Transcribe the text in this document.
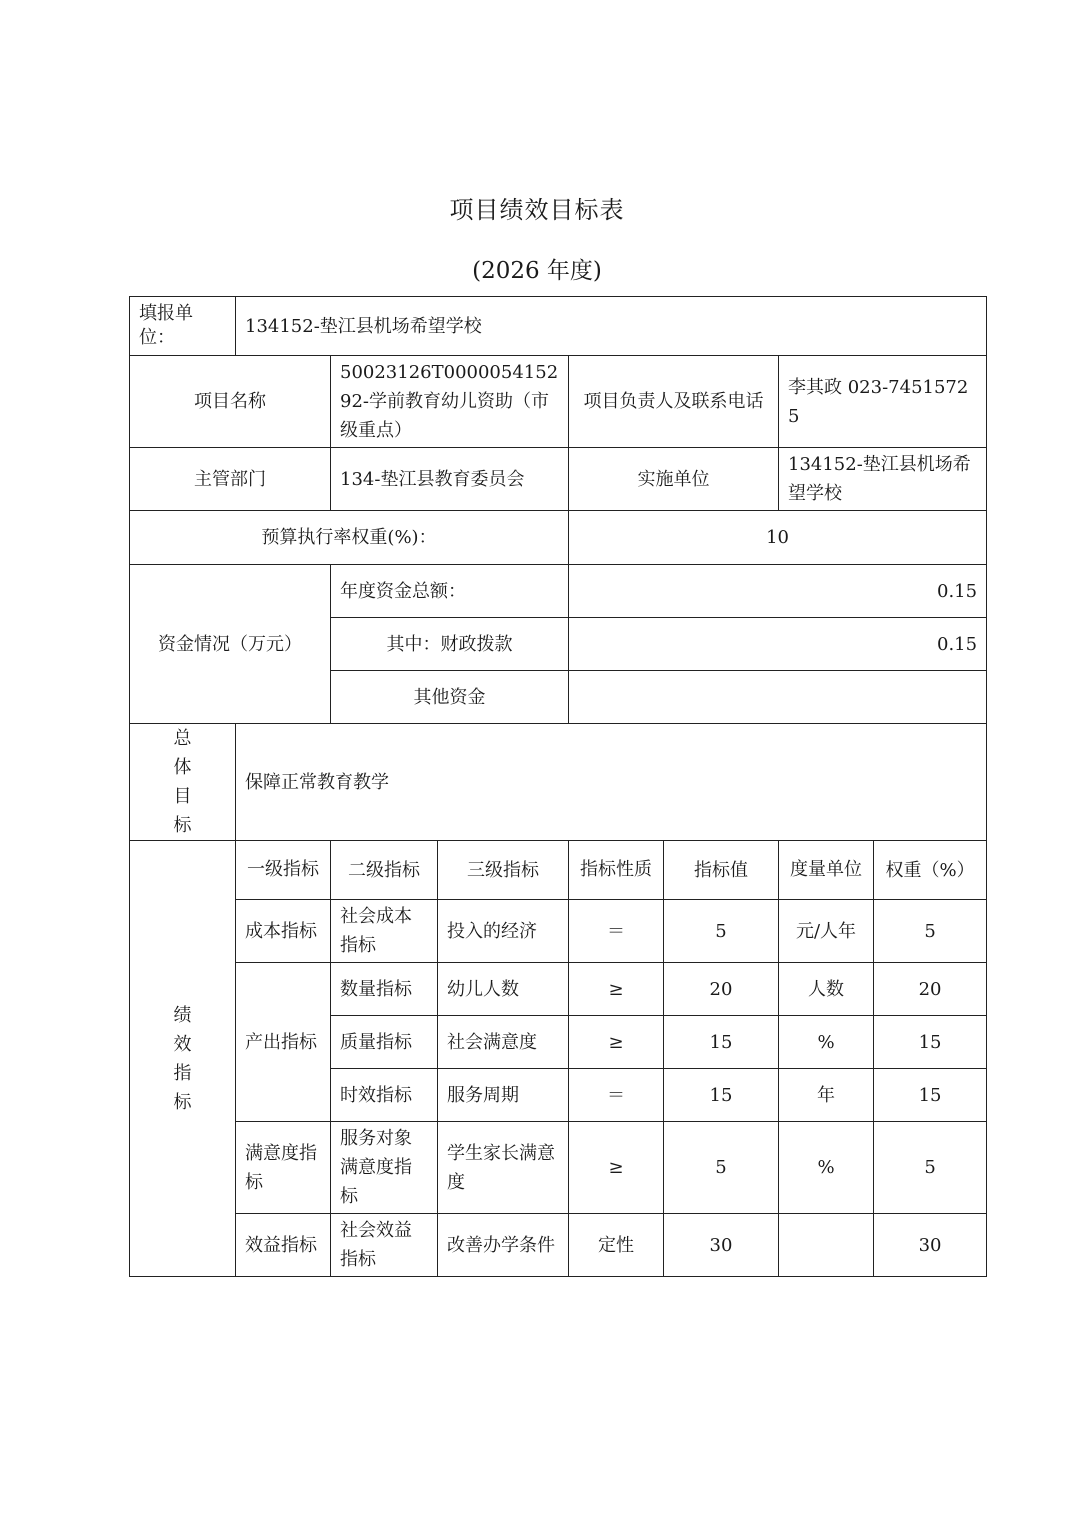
项目绩效目标表
(2026 年度)
填报单位：	134152-垫江县机场希望学校						
项目名称		50023126T000005415292-学前教育幼儿资助（市级重点）		项目负责人及联系电话		李其政 023-74515725	
主管部门		134-垫江县教育委员会		实施单位		134152-垫江县机场希望学校	
预算执行率权重(%)：				10			
资金情况（万元）		年度资金总额：		0.15			
		其中：财政拨款		0.15			
		其他资金					

总体目标	保障正常教育教学						

绩效指标	一级指标	二级指标	三级指标	指标性质	指标值	度量单位	权重（%）
	成本指标	社会成本指标	投入的经济	＝	5	元/人年	5
	产出指标	数量指标	幼儿人数	≥	20	人数	20
		质量指标	社会满意度	≥	15	%	15
		时效指标	服务周期	＝	15	年	15
	满意度指标	服务对象满意度指标	学生家长满意度	≥	5	%	5
	效益指标	社会效益指标	改善办学条件	定性	30		30
